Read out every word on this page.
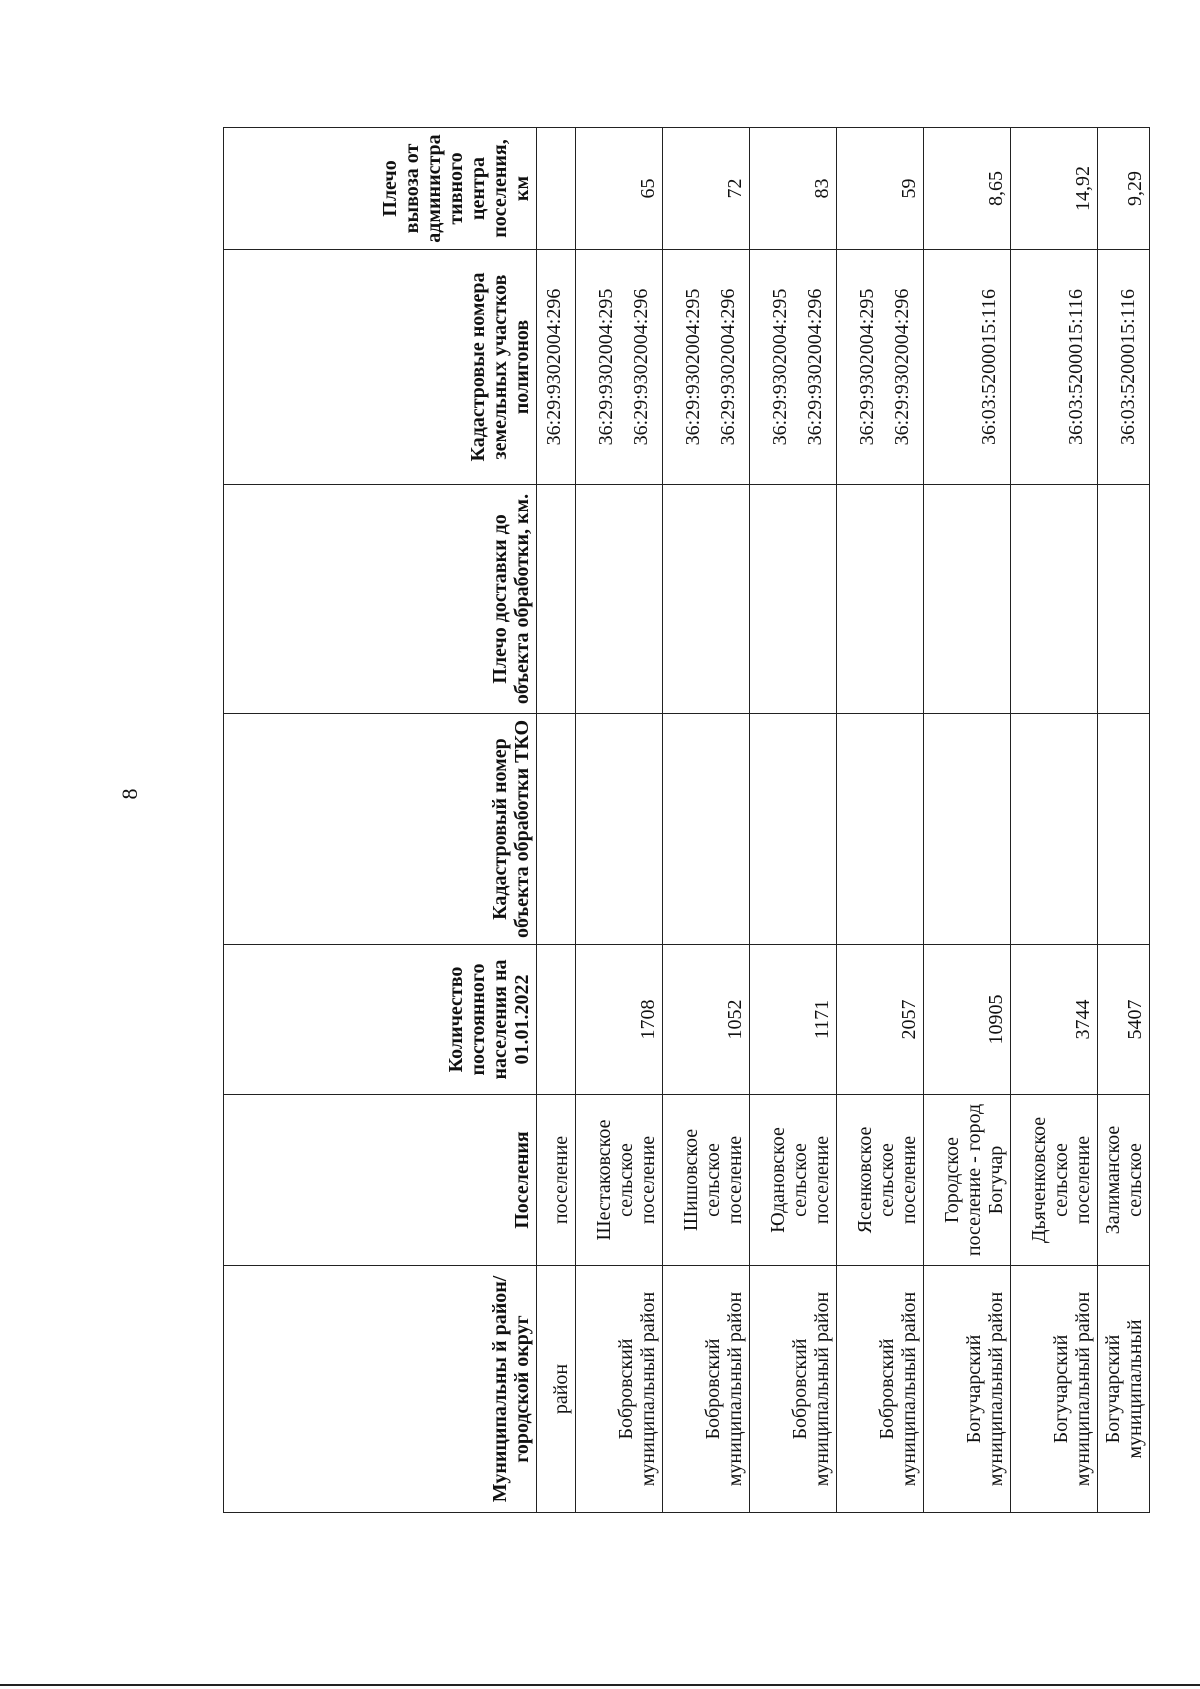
8
Муниципальны й район/ городской округ	Поселения	Количество постоянного населения на 01.01.2022	Кадастровый номер объекта обработки ТКО	Плечо доставки до объекта обработки, км.	Кадастровые номера земельных участков полигонов	Плечо вывоза от администра тивного центра поселения, км
район	поселение				36:29:9302004:296	

Бобровский муниципальный район	Шестаковское сельское поселение	1708			36:29:9302004:295 36:29:9302004:296	65
Бобровский муниципальный район	Шишовское сельское поселение	1052			36:29:9302004:295 36:29:9302004:296	72
Бобровский муниципальный район	Юдановское сельское поселение	1171			36:29:9302004:295 36:29:9302004:296	83
Бобровский муниципальный район	Ясенковское сельское поселение	2057			36:29:9302004:295 36:29:9302004:296	59
Богучарский муниципальный район	Городское поселение - город Богучар	10905			36:03:5200015:116	8,65
Богучарский муниципальный район	Дьяченковское сельское поселение	3744			36:03:5200015:116	14,92
Богучарский муниципальный	Залиманское сельское	5407			36:03:5200015:116	9,29
